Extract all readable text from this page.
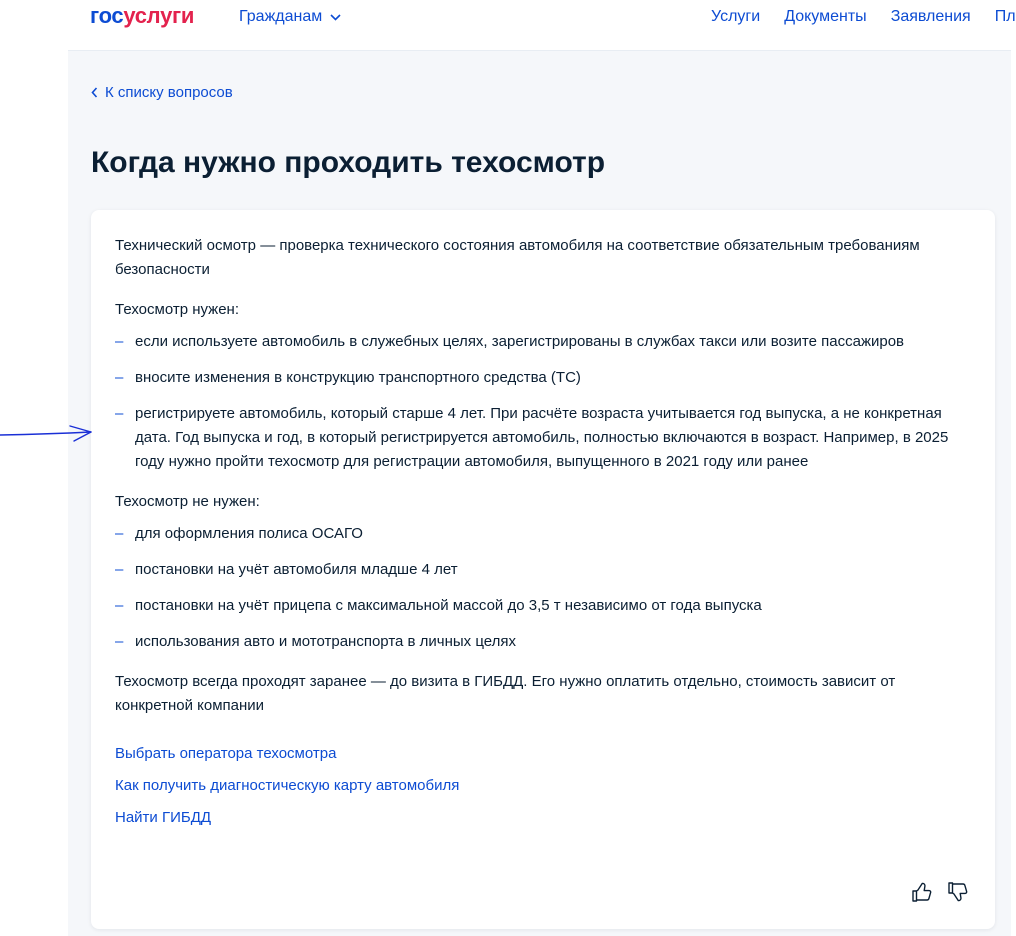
госуслуги	Гражданам	Услуги Документы Заявления Пл
К списку вопросов
Когда нужно проходить техосмотр

Технический осмотр — проверка технического состояния автомобиля на соответствие обязательным требованиям безопасности

Техосмотр нужен:

– если используете автомобиль в служебных целях, зарегистрированы в службах такси или возите пассажиров
– вносите изменения в конструкцию транспортного средства (ТС)
– регистрируете автомобиль, который старше 4 лет. При расчёте возраста учитывается год выпуска, а не конкретная дата. Год выпуска и год, в который регистрируется автомобиль, полностью включаются в возраст. Например, в 2025 году нужно пройти техосмотр для регистрации автомобиля, выпущенного в 2021 году или ранее

Техосмотр не нужен:

– для оформления полиса ОСАГО
– постановки на учёт автомобиля младше 4 лет
– постановки на учёт прицепа с максимальной массой до 3,5 т независимо от года выпуска
– использования авто и мототранспорта в личных целях

Техосмотр всегда проходят заранее — до визита в ГИБДД. Его нужно оплатить отдельно, стоимость зависит от конкретной компании

Выбрать оператора техосмотра
Как получить диагностическую карту автомобиля
Найти ГИБДД
